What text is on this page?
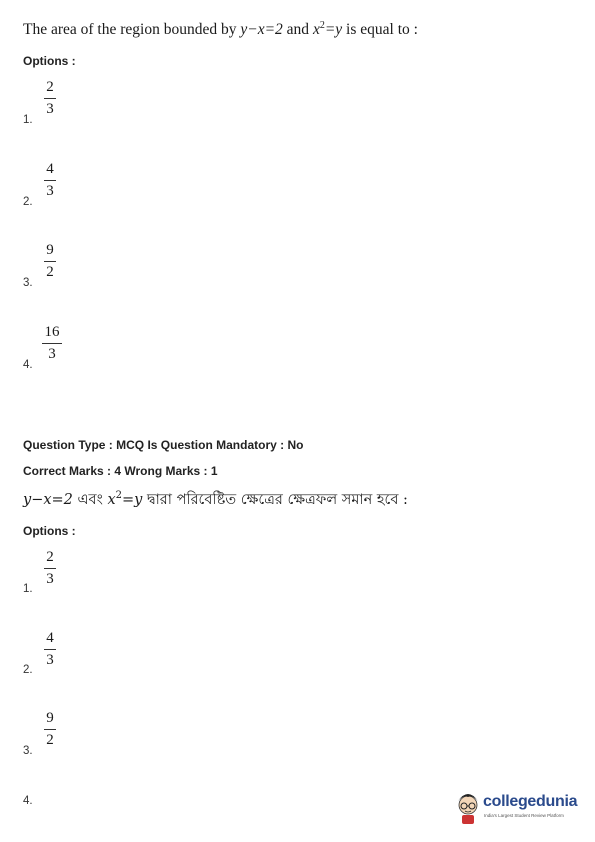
The area of the region bounded by y−x=2 and $x^2=y$ is equal to :
Options :
1.
2
3
2.
4
3
3.
9
2
4.
16
3
Question Type : MCQ Is Question Mandatory : No
Correct Marks : 4 Wrong Marks : 1
y−x=2 এবং $x^2=y$ দ্বারা পরিবেষ্টিত ক্ষেত্রের ক্ষেত্রফল সমান হবে :
Options :
1.
2
3
2.
4
3
3.
9
2
4.	collegedunia
India's Largest Student Review Platform
